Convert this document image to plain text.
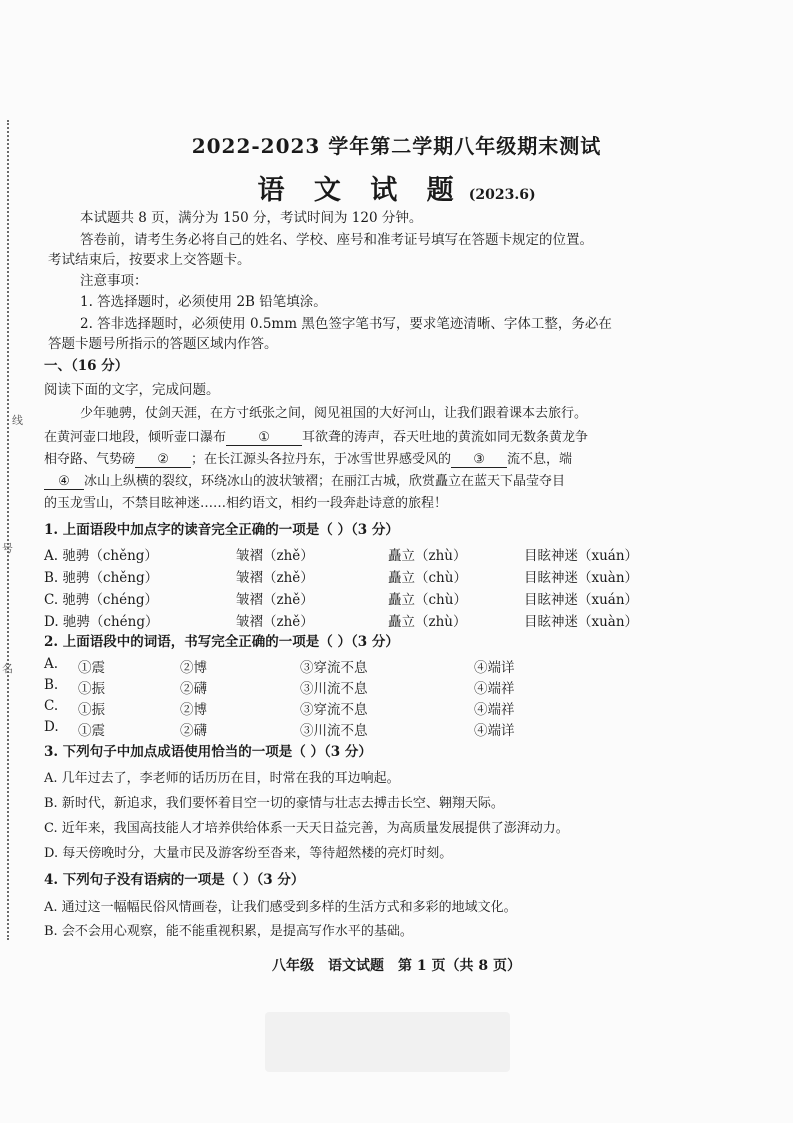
线
号
名
2022-2023 学年第二学期八年级期末测试
语 文 试 题 (2023.6)
本试题共 8 页，满分为 150 分，考试时间为 120 分钟。
答卷前，请考生务必将自己的姓名、学校、座号和准考证号填写在答题卡规定的位置。
考试结束后，按要求上交答题卡。
注意事项：
1. 答选择题时，必须使用 2B 铅笔填涂。
2. 答非选择题时，必须使用 0.5mm 黑色签字笔书写，要求笔迹清晰、字体工整，务必在
答题卡题号所指示的答题区域内作答。
一、（16 分）
阅读下面的文字，完成问题。
少年驰骋，仗剑天涯，在方寸纸张之间，阅见祖国的大好河山，让我们跟着课本去旅行。
在黄河壶口地段，倾听壶口瀑布 ① 耳欲聋的涛声，吞天吐地的黄流如同无数条黄龙争
相夺路、气势磅 ② ；在长江源头各拉丹东，于冰雪世界感受风的 ③ 流不息，端
④ 冰山上纵横的裂纹，环绕冰山的波状皱褶；在丽江古城，欣赏矗立在蓝天下晶莹夺目
的玉龙雪山，不禁目眩神迷……相约语文，相约一段奔赴诗意的旅程！
1. 上面语段中加点字的读音完全正确的一项是（ ）（3 分）
A. 驰骋（chěng）	皱褶（zhě）	矗立（zhù）	目眩神迷（xuán）
B. 驰骋（chěng）	皱褶（zhě）	矗立（chù）	目眩神迷（xuàn）
C. 驰骋（chéng）	皱褶（zhě）	矗立（chù）	目眩神迷（xuán）
D. 驰骋（chéng）	皱褶（zhě）	矗立（zhù）	目眩神迷（xuàn）
2. 上面语段中的词语，书写完全正确的一项是（ ）（3 分）
A. ①震	②博	③穿流不息	④端详
B. ①振	②礴	③川流不息	④端祥
C. ①振	②博	③穿流不息	④端祥
D. ①震	②礴	③川流不息	④端详
3. 下列句子中加点成语使用恰当的一项是（ ）（3 分）
A. 几年过去了，李老师的话历历在目，时常在我的耳边响起。
B. 新时代，新追求，我们要怀着目空一切的豪情与壮志去搏击长空、翱翔天际。
C. 近年来，我国高技能人才培养供给体系一天天日益完善，为高质量发展提供了澎湃动力。
D. 每天傍晚时分，大量市民及游客纷至沓来，等待超然楼的亮灯时刻。
4. 下列句子没有语病的一项是（ ）（3 分）
A. 通过这一幅幅民俗风情画卷，让我们感受到多样的生活方式和多彩的地域文化。
B. 会不会用心观察，能不能重视积累，是提高写作水平的基础。
八年级　语文试题　第 1 页（共 8 页）
